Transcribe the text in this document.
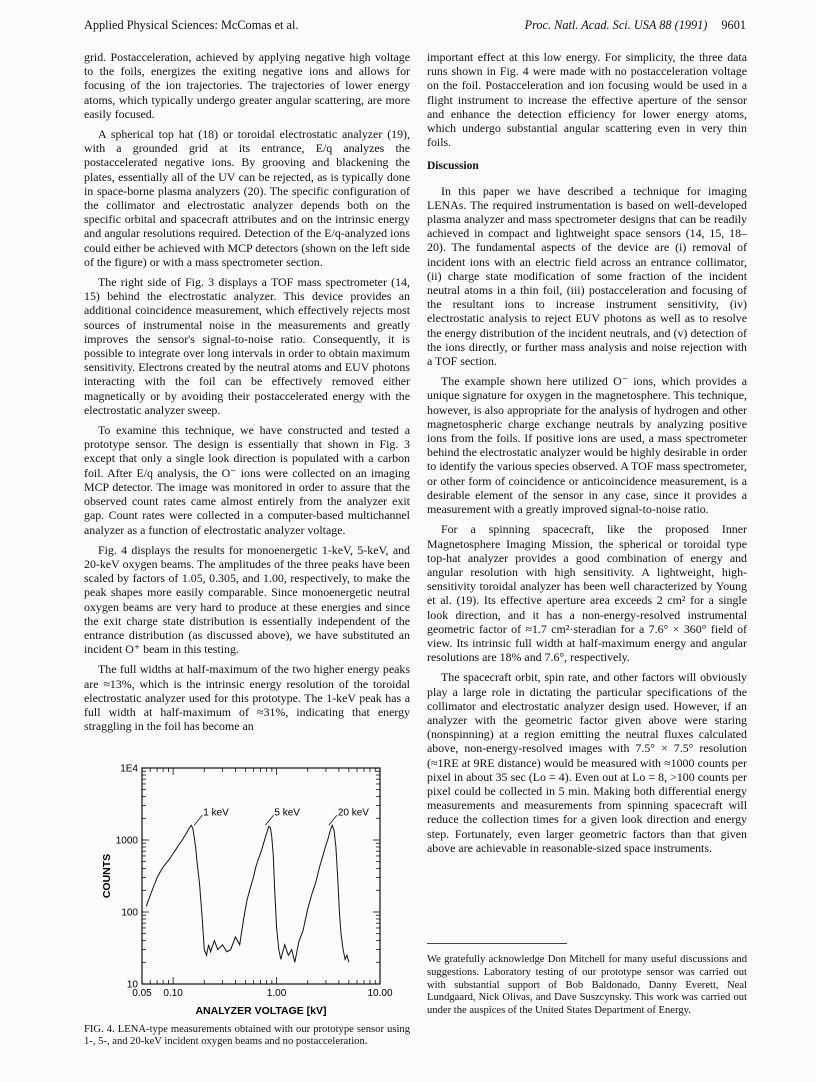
Applied Physical Sciences: McComas et al.	Proc. Natl. Acad. Sci. USA 88 (1991) 9601

grid. Postacceleration, achieved by applying negative high voltage to the foils, energizes the exiting negative ions and allows for focusing of the ion trajectories. The trajectories of lower energy atoms, which typically undergo greater angular scattering, are more easily focused.

A spherical top hat (18) or toroidal electrostatic analyzer (19), with a grounded grid at its entrance, E/q analyzes the postaccelerated negative ions. By grooving and blackening the plates, essentially all of the UV can be rejected, as is typically done in space-borne plasma analyzers (20). The specific configuration of the collimator and electrostatic analyzer depends both on the specific orbital and spacecraft attributes and on the intrinsic energy and angular resolutions required. Detection of the E/q-analyzed ions could either be achieved with MCP detectors (shown on the left side of the figure) or with a mass spectrometer section.

The right side of Fig. 3 displays a TOF mass spectrometer (14, 15) behind the electrostatic analyzer. This device provides an additional coincidence measurement, which effectively rejects most sources of instrumental noise in the measurements and greatly improves the sensor's signal-to-noise ratio. Consequently, it is possible to integrate over long intervals in order to obtain maximum sensitivity. Electrons created by the neutral atoms and EUV photons interacting with the foil can be effectively removed either magnetically or by avoiding their postaccelerated energy with the electrostatic analyzer sweep.

To examine this technique, we have constructed and tested a prototype sensor. The design is essentially that shown in Fig. 3 except that only a single look direction is populated with a carbon foil. After E/q analysis, the O⁻ ions were collected on an imaging MCP detector. The image was monitored in order to assure that the observed count rates came almost entirely from the analyzer exit gap. Count rates were collected in a computer-based multichannel analyzer as a function of electrostatic analyzer voltage.

Fig. 4 displays the results for monoenergetic 1-keV, 5-keV, and 20-keV oxygen beams. The amplitudes of the three peaks have been scaled by factors of 1.05, 0.305, and 1.00, respectively, to make the peak shapes more easily comparable. Since monoenergetic neutral oxygen beams are very hard to produce at these energies and since the exit charge state distribution is essentially independent of the entrance distribution (as discussed above), we have substituted an incident O⁺ beam in this testing.

The full widths at half-maximum of the two higher energy peaks are ≈13%, which is the intrinsic energy resolution of the toroidal electrostatic analyzer used for this prototype. The 1-keV peak has a full width at half-maximum of ≈31%, indicating that energy straggling in the foil has become an

10
100
1000
1E4
0.05 0.10	1.00	10.00
ANALYZER VOLTAGE [kV]
COUNTS
1 keV	5 keV	20 keV
FIG. 4. LENA-type measurements obtained with our prototype sensor using 1-, 5-, and 20-keV incident oxygen beams and no postacceleration.

important effect at this low energy. For simplicity, the three data runs shown in Fig. 4 were made with no postacceleration voltage on the foil. Postacceleration and ion focusing would be used in a flight instrument to increase the effective aperture of the sensor and enhance the detection efficiency for lower energy atoms, which undergo substantial angular scattering even in very thin foils.

Discussion

In this paper we have described a technique for imaging LENAs. The required instrumentation is based on well-developed plasma analyzer and mass spectrometer designs that can be readily achieved in compact and lightweight space sensors (14, 15, 18–20). The fundamental aspects of the device are (i) removal of incident ions with an electric field across an entrance collimator, (ii) charge state modification of some fraction of the incident neutral atoms in a thin foil, (iii) postacceleration and focusing of the resultant ions to increase instrument sensitivity, (iv) electrostatic analysis to reject EUV photons as well as to resolve the energy distribution of the incident neutrals, and (v) detection of the ions directly, or further mass analysis and noise rejection with a TOF section.

The example shown here utilized O⁻ ions, which provides a unique signature for oxygen in the magnetosphere. This technique, however, is also appropriate for the analysis of hydrogen and other magnetospheric charge exchange neutrals by analyzing positive ions from the foils. If positive ions are used, a mass spectrometer behind the electrostatic analyzer would be highly desirable in order to identify the various species observed. A TOF mass spectrometer, or other form of coincidence or anticoincidence measurement, is a desirable element of the sensor in any case, since it provides a measurement with a greatly improved signal-to-noise ratio.

For a spinning spacecraft, like the proposed Inner Magnetosphere Imaging Mission, the spherical or toroidal type top-hat analyzer provides a good combination of energy and angular resolution with high sensitivity. A lightweight, high-sensitivity toroidal analyzer has been well characterized by Young et al. (19). Its effective aperture area exceeds 2 cm² for a single look direction, and it has a non-energy-resolved instrumental geometric factor of ≈1.7 cm²·steradian for a 7.6° × 360° field of view. Its intrinsic full width at half-maximum energy and angular resolutions are 18% and 7.6°, respectively.

The spacecraft orbit, spin rate, and other factors will obviously play a large role in dictating the particular specifications of the collimator and electrostatic analyzer design used. However, if an analyzer with the geometric factor given above were staring (nonspinning) at a region emitting the neutral fluxes calculated above, non-energy-resolved images with 7.5° × 7.5° resolution (≈1RE at 9RE distance) would be measured with ≈1000 counts per pixel in about 35 sec (Lo = 4). Even out at Lo = 8, >100 counts per pixel could be collected in 5 min. Making both differential energy measurements and measurements from spinning spacecraft will reduce the collection times for a given look direction and energy step. Fortunately, even larger geometric factors than that given above are achievable in reasonable-sized space instruments.

We gratefully acknowledge Don Mitchell for many useful discussions and suggestions. Laboratory testing of our prototype sensor was carried out with substantial support of Bob Baldonado, Danny Everett, Neal Lundgaard, Nick Olivas, and Dave Suszcynsky. This work was carried out under the auspices of the United States Department of Energy.
